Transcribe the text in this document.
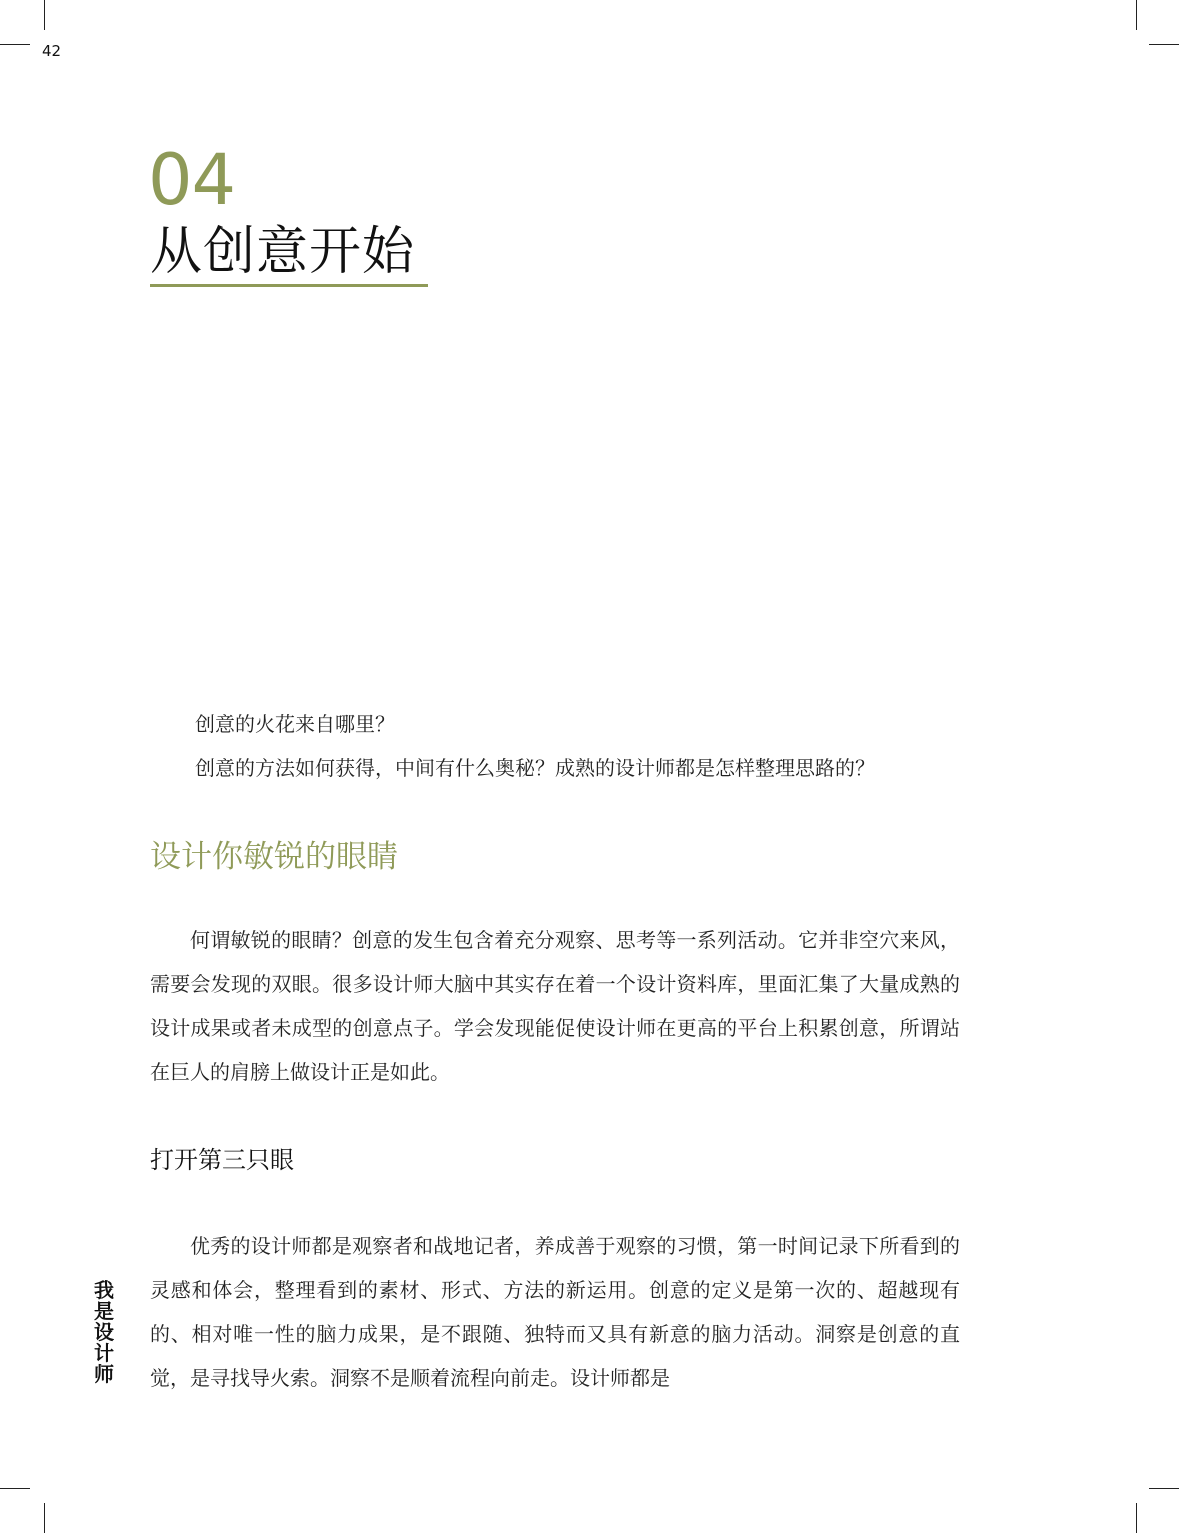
42
04
从创意开始

创意的火花来自哪里？

创意的方法如何获得，中间有什么奥秘？成熟的设计师都是怎样整理思路的？

设计你敏锐的眼睛

何谓敏锐的眼睛？创意的发生包含着充分观察、思考等一系列活动。它并非空穴来风，需要会发现的双眼。很多设计师大脑中其实存在着一个设计资料库，里面汇集了大量成熟的设计成果或者未成型的创意点子。学会发现能促使设计师在更高的平台上积累创意，所谓站在巨人的肩膀上做设计正是如此。

打开第三只眼

优秀的设计师都是观察者和战地记者，养成善于观察的习惯，第一时间记录下所看到的灵感和体会，整理看到的素材、形式、方法的新运用。创意的定义是第一次的、超越现有的、相对唯一性的脑力成果，是不跟随、独特而又具有新意的脑力活动。洞察是创意的直觉，是寻找导火索。洞察不是顺着流程向前走。设计师都是

我是设计师
